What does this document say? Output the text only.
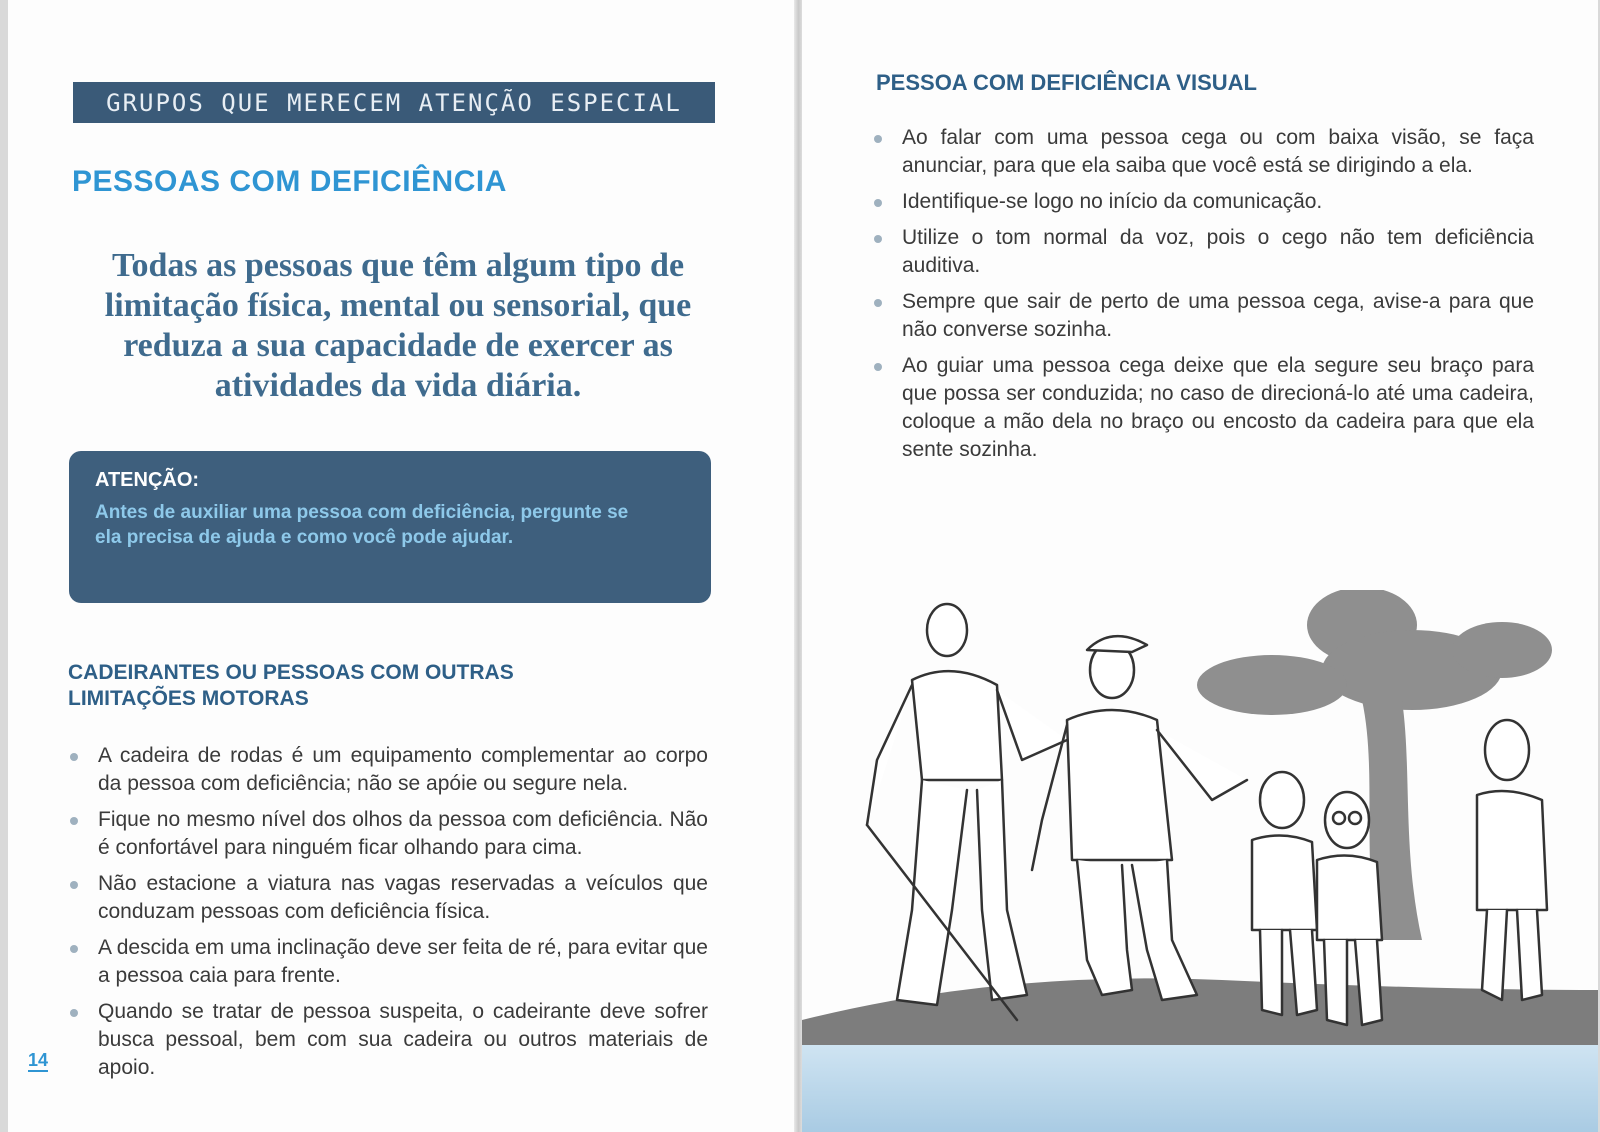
GRUPOS QUE MERECEM ATENÇÃO ESPECIAL
PESSOAS COM DEFICIÊNCIA

Todas as pessoas que têm algum tipo de limitação física, mental ou sensorial, que reduza a sua capacidade de exercer as atividades da vida diária.

ATENÇÃO:

Antes de auxiliar uma pessoa com deficiência, pergunte se ela precisa de ajuda e como você pode ajudar.

CADEIRANTES OU PESSOAS COM OUTRAS LIMITAÇÕES MOTORAS
A cadeira de rodas é um equipamento complementar ao corpo da pessoa com deficiência; não se apóie ou segure nela.
Fique no mesmo nível dos olhos da pessoa com deficiência. Não é confortável para ninguém ficar olhando para cima.
Não estacione a viatura nas vagas reservadas a veículos que conduzam pessoas com deficiência física.
A descida em uma inclinação deve ser feita de ré, para evitar que a pessoa caia para frente.
Quando se tratar de pessoa suspeita, o cadeirante deve sofrer busca pessoal, bem com sua cadeira ou outros materiais de apoio.
14
PESSOA COM DEFICIÊNCIA VISUAL
Ao falar com uma pessoa cega ou com baixa visão, se faça anunciar, para que ela saiba que você está se dirigindo a ela.
Identifique-se logo no início da comunicação.
Utilize o tom normal da voz, pois o cego não tem deficiência auditiva.
Sempre que sair de perto de uma pessoa cega, avise-a para que não converse sozinha.
Ao guiar uma pessoa cega deixe que ela segure seu braço para que possa ser conduzida; no caso de direcioná-lo até uma cadeira, coloque a mão dela no braço ou encosto da cadeira para que ela sente sozinha.
